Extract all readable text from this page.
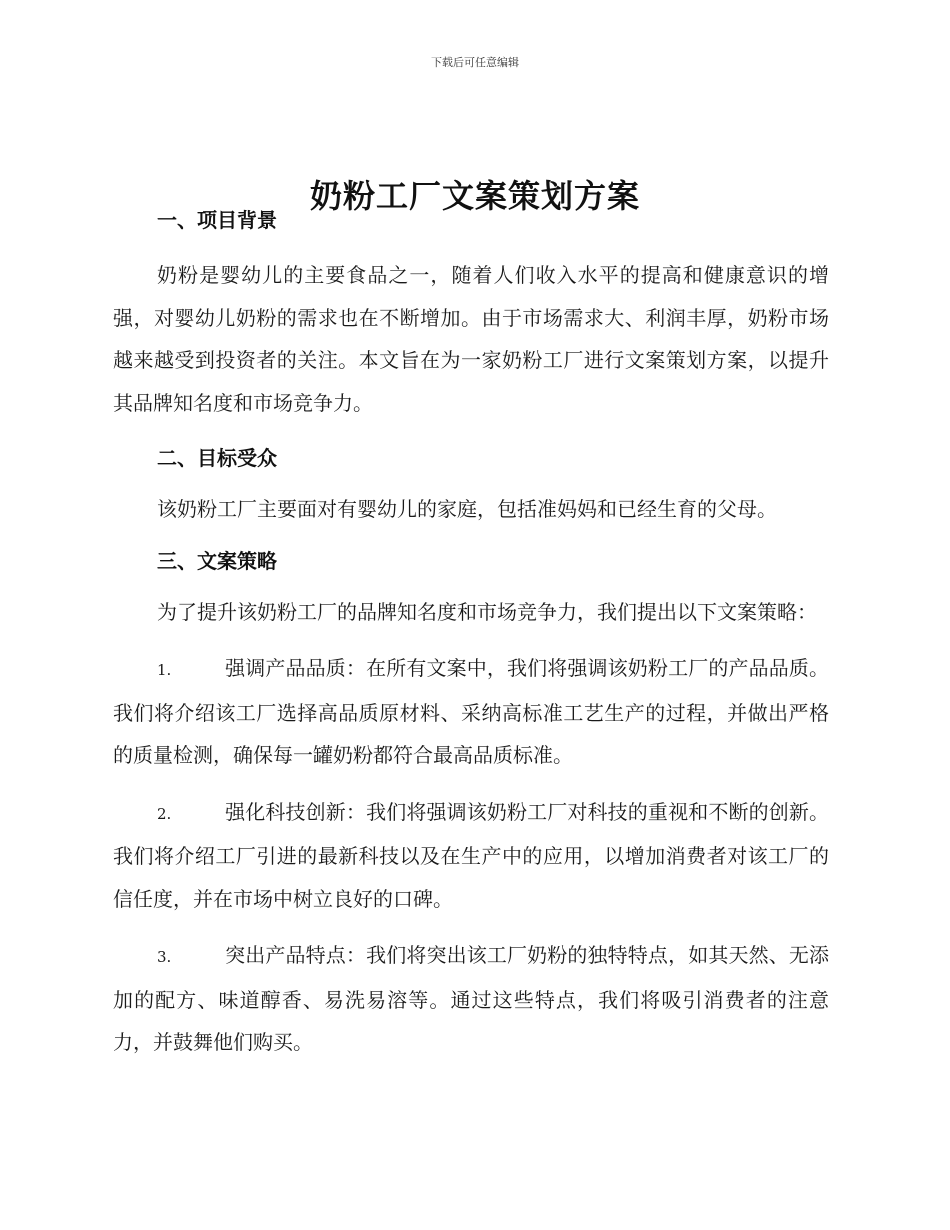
下载后可任意编辑
奶粉工厂文案策划方案
一、项目背景

奶粉是婴幼儿的主要食品之一，随着人们收入水平的提高和健康意识的增强，对婴幼儿奶粉的需求也在不断增加。由于市场需求大、利润丰厚，奶粉市场越来越受到投资者的关注。本文旨在为一家奶粉工厂进行文案策划方案，以提升其品牌知名度和市场竞争力。

二、目标受众

该奶粉工厂主要面对有婴幼儿的家庭，包括准妈妈和已经生育的父母。

三、文案策略

为了提升该奶粉工厂的品牌知名度和市场竞争力，我们提出以下文案策略：

1.	强调产品品质：在所有文案中，我们将强调该奶粉工厂的产品品质。我们将介绍该工厂选择高品质原材料、采纳高标准工艺生产的过程，并做出严格的质量检测，确保每一罐奶粉都符合最高品质标准。

2.	强化科技创新：我们将强调该奶粉工厂对科技的重视和不断的创新。我们将介绍工厂引进的最新科技以及在生产中的应用，以增加消费者对该工厂的信任度，并在市场中树立良好的口碑。

3.	突出产品特点：我们将突出该工厂奶粉的独特特点，如其天然、无添加的配方、味道醇香、易洗易溶等。通过这些特点，我们将吸引消费者的注意力，并鼓舞他们购买。
